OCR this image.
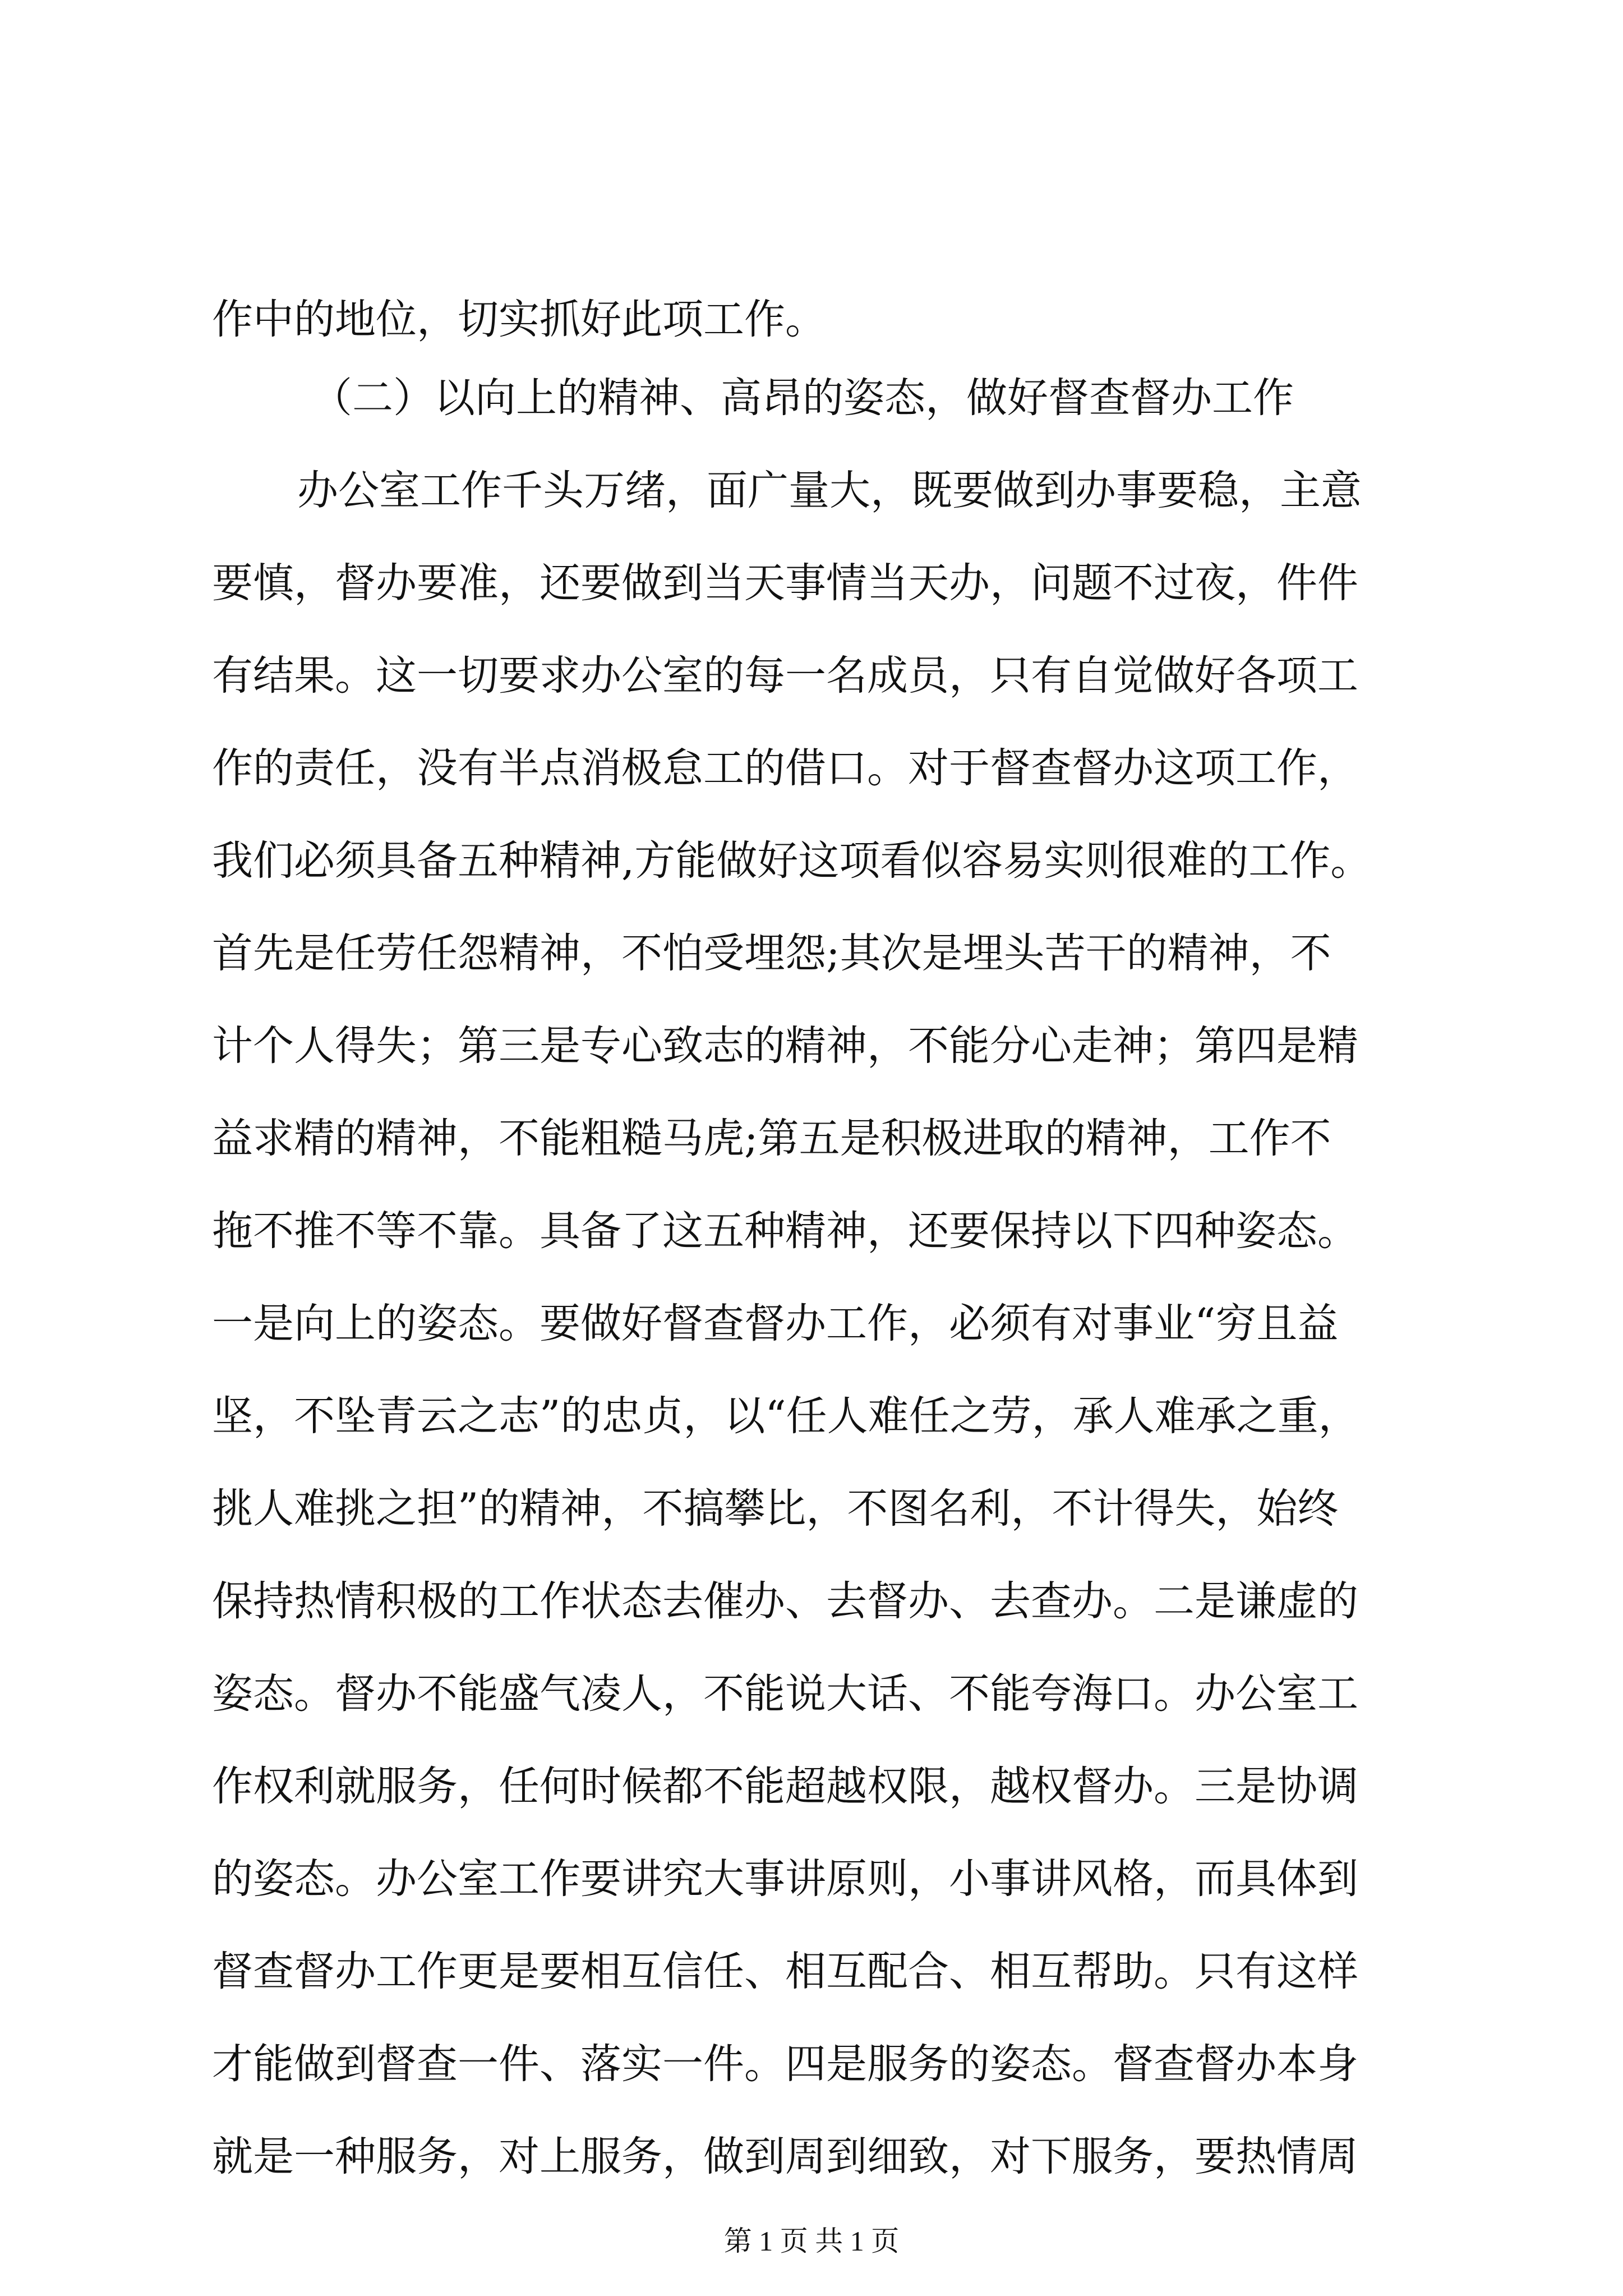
作中的地位，切实抓好此项工作。
（二）以向上的精神、高昂的姿态，做好督查督办工作
办公室工作千头万绪，面广量大，既要做到办事要稳，主意
要慎，督办要准，还要做到当天事情当天办，问题不过夜，件件
有结果。这一切要求办公室的每一名成员，只有自觉做好各项工
作的责任，没有半点消极怠工的借口。对于督查督办这项工作，
我们必须具备五种精神,方能做好这项看似容易实则很难的工作。
首先是任劳任怨精神，不怕受埋怨;其次是埋头苦干的精神，不
计个人得失；第三是专心致志的精神，不能分心走神；第四是精
益求精的精神，不能粗糙马虎;第五是积极进取的精神，工作不
拖不推不等不靠。具备了这五种精神，还要保持以下四种姿态。
一是向上的姿态。要做好督查督办工作，必须有对事业“穷且益
坚，不坠青云之志”的忠贞，以“任人难任之劳，承人难承之重，
挑人难挑之担”的精神，不搞攀比，不图名利，不计得失，始终
保持热情积极的工作状态去催办、去督办、去查办。二是谦虚的
姿态。督办不能盛气凌人，不能说大话、不能夸海口。办公室工
作权利就服务，任何时候都不能超越权限，越权督办。三是协调
的姿态。办公室工作要讲究大事讲原则，小事讲风格，而具体到
督查督办工作更是要相互信任、相互配合、相互帮助。只有这样
才能做到督查一件、落实一件。四是服务的姿态。督查督办本身
就是一种服务，对上服务，做到周到细致，对下服务，要热情周
第 1 页 共 1 页
